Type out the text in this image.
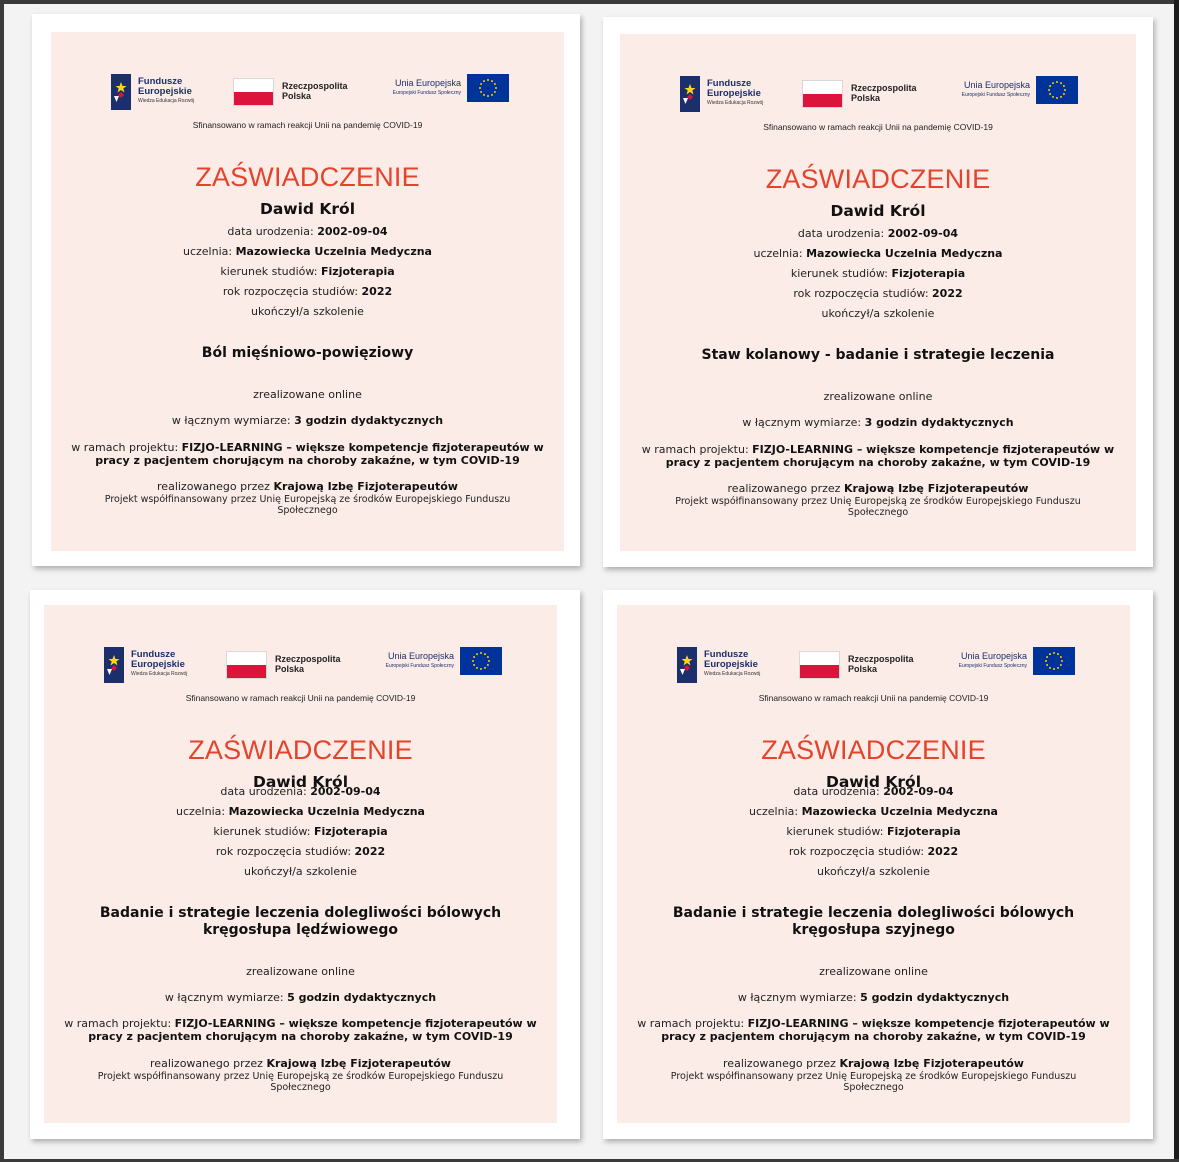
Fundusze
Europejskie
Wiedza Edukacja Rozwój
Rzeczpospolita
Polska
Unia Europejska
Europejski Fundusz Społeczny
Sfinansowano w ramach reakcji Unii na pandemię COVID-19
ZAŚWIADCZENIE
Dawid Król
data urodzenia: 2002-09-04
uczelnia: Mazowiecka Uczelnia Medyczna
kierunek studiów: Fizjoterapia
rok rozpoczęcia studiów: 2022
ukończył/a szkolenie
Ból mięśniowo-powięziowy
zrealizowane online
w łącznym wymiarze: 3 godzin dydaktycznych
w ramach projektu: FIZJO-LEARNING – większe kompetencje fizjoterapeutów w pracy z pacjentem chorującym na choroby zakaźne, w tym COVID-19
realizowanego przez Krajową Izbę Fizjoterapeutów
Projekt współfinansowany przez Unię Europejską ze środków Europejskiego Funduszu Społecznego
Fundusze
Europejskie
Wiedza Edukacja Rozwój
Rzeczpospolita
Polska
Unia Europejska
Europejski Fundusz Społeczny
Sfinansowano w ramach reakcji Unii na pandemię COVID-19
ZAŚWIADCZENIE
Dawid Król
data urodzenia: 2002-09-04
uczelnia: Mazowiecka Uczelnia Medyczna
kierunek studiów: Fizjoterapia
rok rozpoczęcia studiów: 2022
ukończył/a szkolenie
Staw kolanowy - badanie i strategie leczenia
zrealizowane online
w łącznym wymiarze: 3 godzin dydaktycznych
w ramach projektu: FIZJO-LEARNING – większe kompetencje fizjoterapeutów w pracy z pacjentem chorującym na choroby zakaźne, w tym COVID-19
realizowanego przez Krajową Izbę Fizjoterapeutów
Projekt współfinansowany przez Unię Europejską ze środków Europejskiego Funduszu Społecznego
Fundusze
Europejskie
Wiedza Edukacja Rozwój
Rzeczpospolita
Polska
Unia Europejska
Europejski Fundusz Społeczny
Sfinansowano w ramach reakcji Unii na pandemię COVID-19
ZAŚWIADCZENIE
Dawid Król
data urodzenia: 2002-09-04
uczelnia: Mazowiecka Uczelnia Medyczna
kierunek studiów: Fizjoterapia
rok rozpoczęcia studiów: 2022
ukończył/a szkolenie
Badanie i strategie leczenia dolegliwości bólowych kręgosłupa lędźwiowego
zrealizowane online
w łącznym wymiarze: 5 godzin dydaktycznych
w ramach projektu: FIZJO-LEARNING – większe kompetencje fizjoterapeutów w pracy z pacjentem chorującym na choroby zakaźne, w tym COVID-19
realizowanego przez Krajową Izbę Fizjoterapeutów
Projekt współfinansowany przez Unię Europejską ze środków Europejskiego Funduszu Społecznego
Fundusze
Europejskie
Wiedza Edukacja Rozwój
Rzeczpospolita
Polska
Unia Europejska
Europejski Fundusz Społeczny
Sfinansowano w ramach reakcji Unii na pandemię COVID-19
ZAŚWIADCZENIE
Dawid Król
data urodzenia: 2002-09-04
uczelnia: Mazowiecka Uczelnia Medyczna
kierunek studiów: Fizjoterapia
rok rozpoczęcia studiów: 2022
ukończył/a szkolenie
Badanie i strategie leczenia dolegliwości bólowych kręgosłupa szyjnego
zrealizowane online
w łącznym wymiarze: 5 godzin dydaktycznych
w ramach projektu: FIZJO-LEARNING – większe kompetencje fizjoterapeutów w pracy z pacjentem chorującym na choroby zakaźne, w tym COVID-19
realizowanego przez Krajową Izbę Fizjoterapeutów
Projekt współfinansowany przez Unię Europejską ze środków Europejskiego Funduszu Społecznego
